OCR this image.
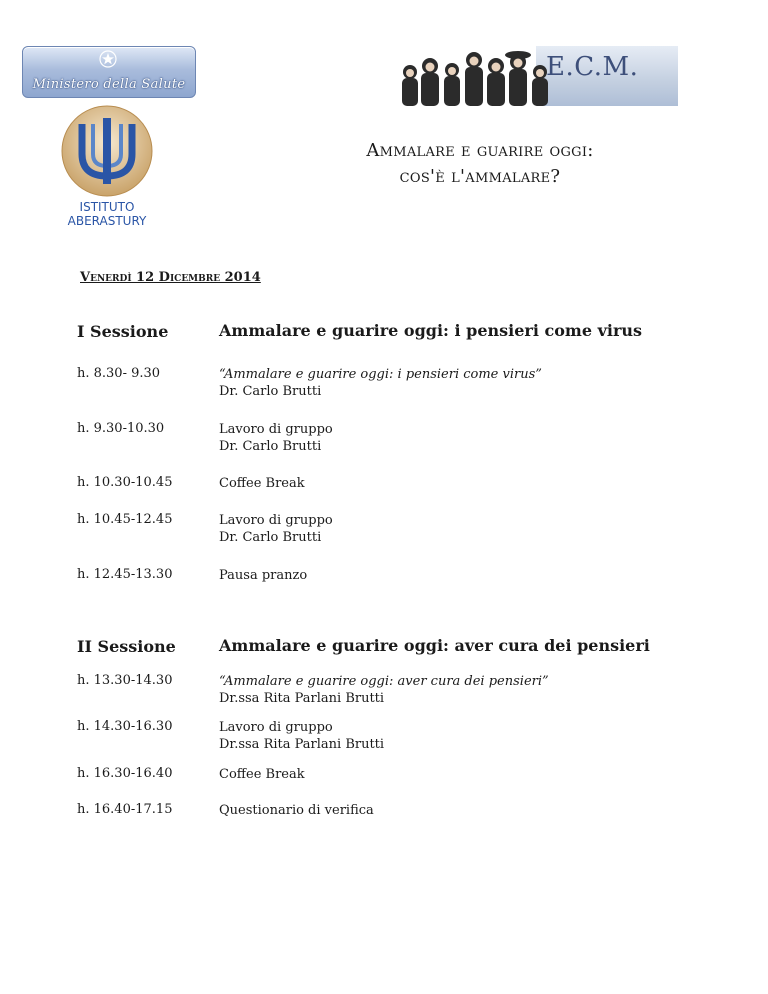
Ministero della Salute
ISTITUTO
ABERASTURY
E.C.M.
Ammalare e guarire oggi:
cos'è l'ammalare?
Venerdì 12 Dicembre 2014
I Sessione	Ammalare e guarire oggi: i pensieri come virus
h. 8.30- 9.30	“Ammalare e guarire oggi: i pensieri come virus”
Dr. Carlo Brutti
h. 9.30-10.30	Lavoro di gruppo
Dr. Carlo Brutti
h. 10.30-10.45	Coffee Break
h. 10.45-12.45	Lavoro di gruppo
Dr. Carlo Brutti
h. 12.45-13.30	Pausa pranzo
II Sessione	Ammalare e guarire oggi: aver cura dei pensieri
h. 13.30-14.30	“Ammalare e guarire oggi: aver cura dei pensieri”
Dr.ssa Rita Parlani Brutti
h. 14.30-16.30	Lavoro di gruppo
Dr.ssa Rita Parlani Brutti
h. 16.30-16.40	Coffee Break
h. 16.40-17.15	Questionario di verifica
